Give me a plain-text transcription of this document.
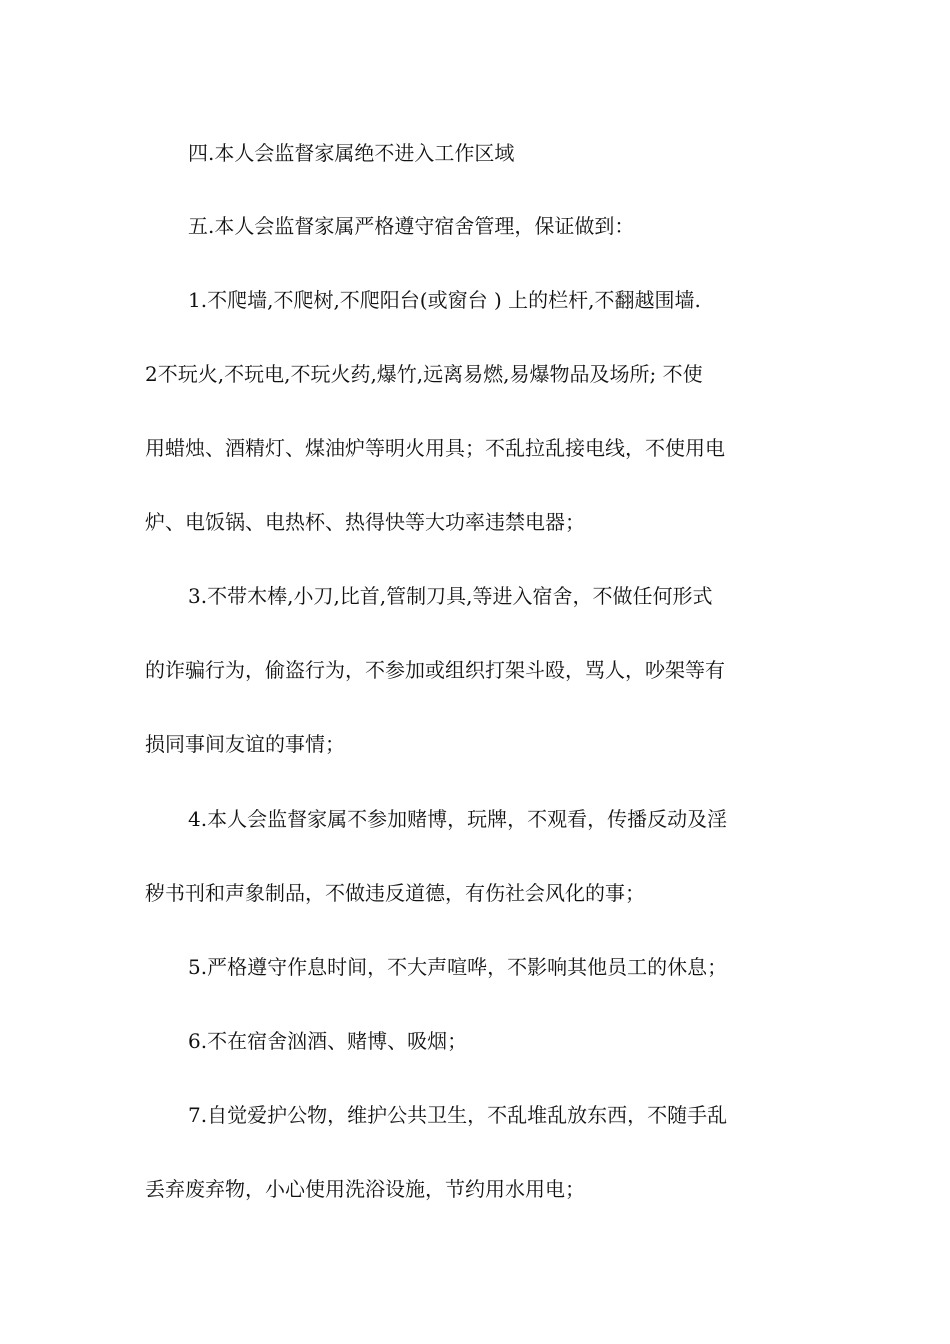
四.本人会监督家属绝不进入工作区域
五.本人会监督家属严格遵守宿舍管理，保证做到：
1.不爬墙,不爬树,不爬阳台(或窗台 ) 上的栏杆,不翻越围墙.
2不玩火,不玩电,不玩火药,爆竹,远离易燃,易爆物品及场所; 不使
用蜡烛、酒精灯、煤油炉等明火用具；不乱拉乱接电线，不使用电
炉、电饭锅、电热杯、热得快等大功率违禁电器；
3.不带木棒,小刀,比首,管制刀具,等进入宿舍，不做任何形式
的诈骗行为，偷盗行为，不参加或组织打架斗殴，骂人，吵架等有
损同事间友谊的事情；
4.本人会监督家属不参加赌博，玩牌，不观看，传播反动及淫
秽书刊和声象制品，不做违反道德，有伤社会风化的事；
5.严格遵守作息时间，不大声喧哗，不影响其他员工的休息；
6.不在宿舍汹酒、赌博、吸烟；
7.自觉爱护公物，维护公共卫生，不乱堆乱放东西，不随手乱
丢弃废弃物，小心使用洗浴设施，节约用水用电；
